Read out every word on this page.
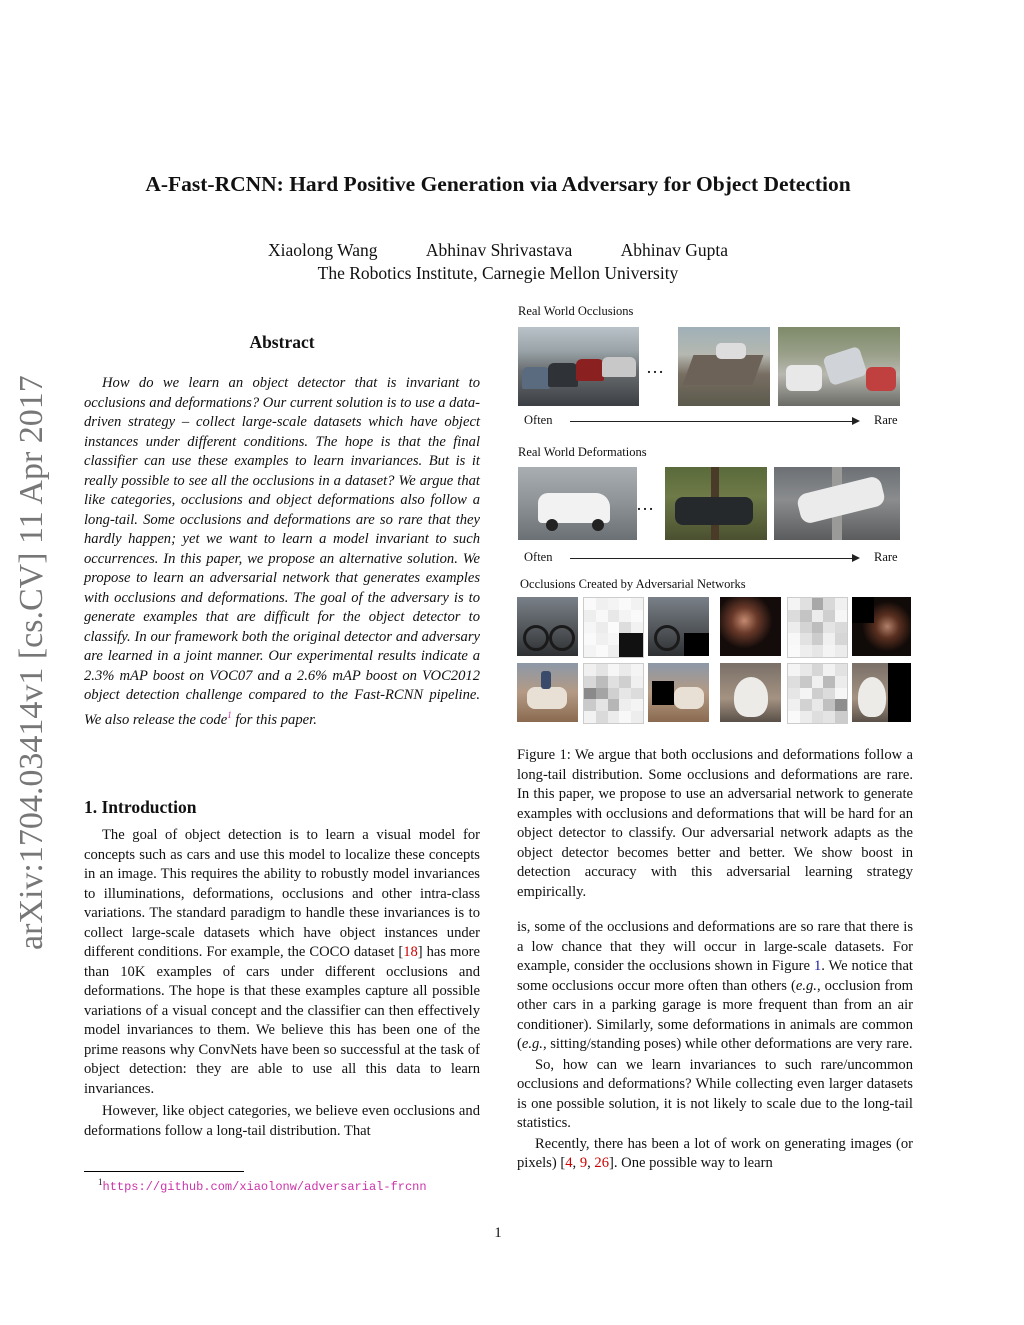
arXiv:1704.03414v1 [cs.CV] 11 Apr 2017
A-Fast-RCNN: Hard Positive Generation via Adversary for Object Detection
Xiaolong Wang	Abhinav Shrivastava	Abhinav Gupta
The Robotics Institute, Carnegie Mellon University
Abstract

How do we learn an object detector that is invariant to occlusions and deformations? Our current solution is to use a data-driven strategy – collect large-scale datasets which have object instances under different conditions. The hope is that the final classifier can use these examples to learn invariances. But is it really possible to see all the occlusions in a dataset? We argue that like categories, occlusions and object deformations also follow a long-tail. Some occlusions and deformations are so rare that they hardly happen; yet we want to learn a model invariant to such occurrences. In this paper, we propose an alternative solution. We propose to learn an adversarial network that generates examples with occlusions and deformations. The goal of the adversary is to generate examples that are difficult for the object detector to classify. In our framework both the original detector and adversary are learned in a joint manner. Our experimental results indicate a 2.3% mAP boost on VOC07 and a 2.6% mAP boost on VOC2012 object detection challenge compared to the Fast-RCNN pipeline. We also release the code$^1$ for this paper.

1. Introduction

The goal of object detection is to learn a visual model for concepts such as cars and use this model to localize these concepts in an image. This requires the ability to robustly model invariances to illuminations, deformations, occlusions and other intra-class variations. The standard paradigm to handle these invariances is to collect large-scale datasets which have object instances under different conditions. For example, the COCO dataset [18] has more than 10K examples of cars under different occlusions and deformations. The hope is that these examples capture all possible variations of a visual concept and the classifier can then effectively model invariances to them. We believe this has been one of the prime reasons why ConvNets have been so successful at the task of object detection: they are able to use all this data to learn invariances.

However, like object categories, we believe even occlusions and deformations follow a long-tail distribution. That

$^1$https://github.com/xiaolonw/adversarial-frcnn
Real World Occlusions
…
Often	Rare
Real World Deformations
…
Often	Rare
Occlusions Created by Adversarial Networks

Figure 1: We argue that both occlusions and deformations follow a long-tail distribution. Some occlusions and deformations are rare. In this paper, we propose to use an adversarial network to generate examples with occlusions and deformations that will be hard for an object detector to classify. Our adversarial network adapts as the object detector becomes better and better. We show boost in detection accuracy with this adversarial learning strategy empirically.

is, some of the occlusions and deformations are so rare that there is a low chance that they will occur in large-scale datasets. For example, consider the occlusions shown in Figure 1. We notice that some occlusions occur more often than others (e.g., occlusion from other cars in a parking garage is more frequent than from an air conditioner). Similarly, some deformations in animals are common (e.g., sitting/standing poses) while other deformations are very rare.

So, how can we learn invariances to such rare/uncommon occlusions and deformations? While collecting even larger datasets is one possible solution, it is not likely to scale due to the long-tail statistics.

Recently, there has been a lot of work on generating images (or pixels) [4, 9, 26]. One possible way to learn

1
